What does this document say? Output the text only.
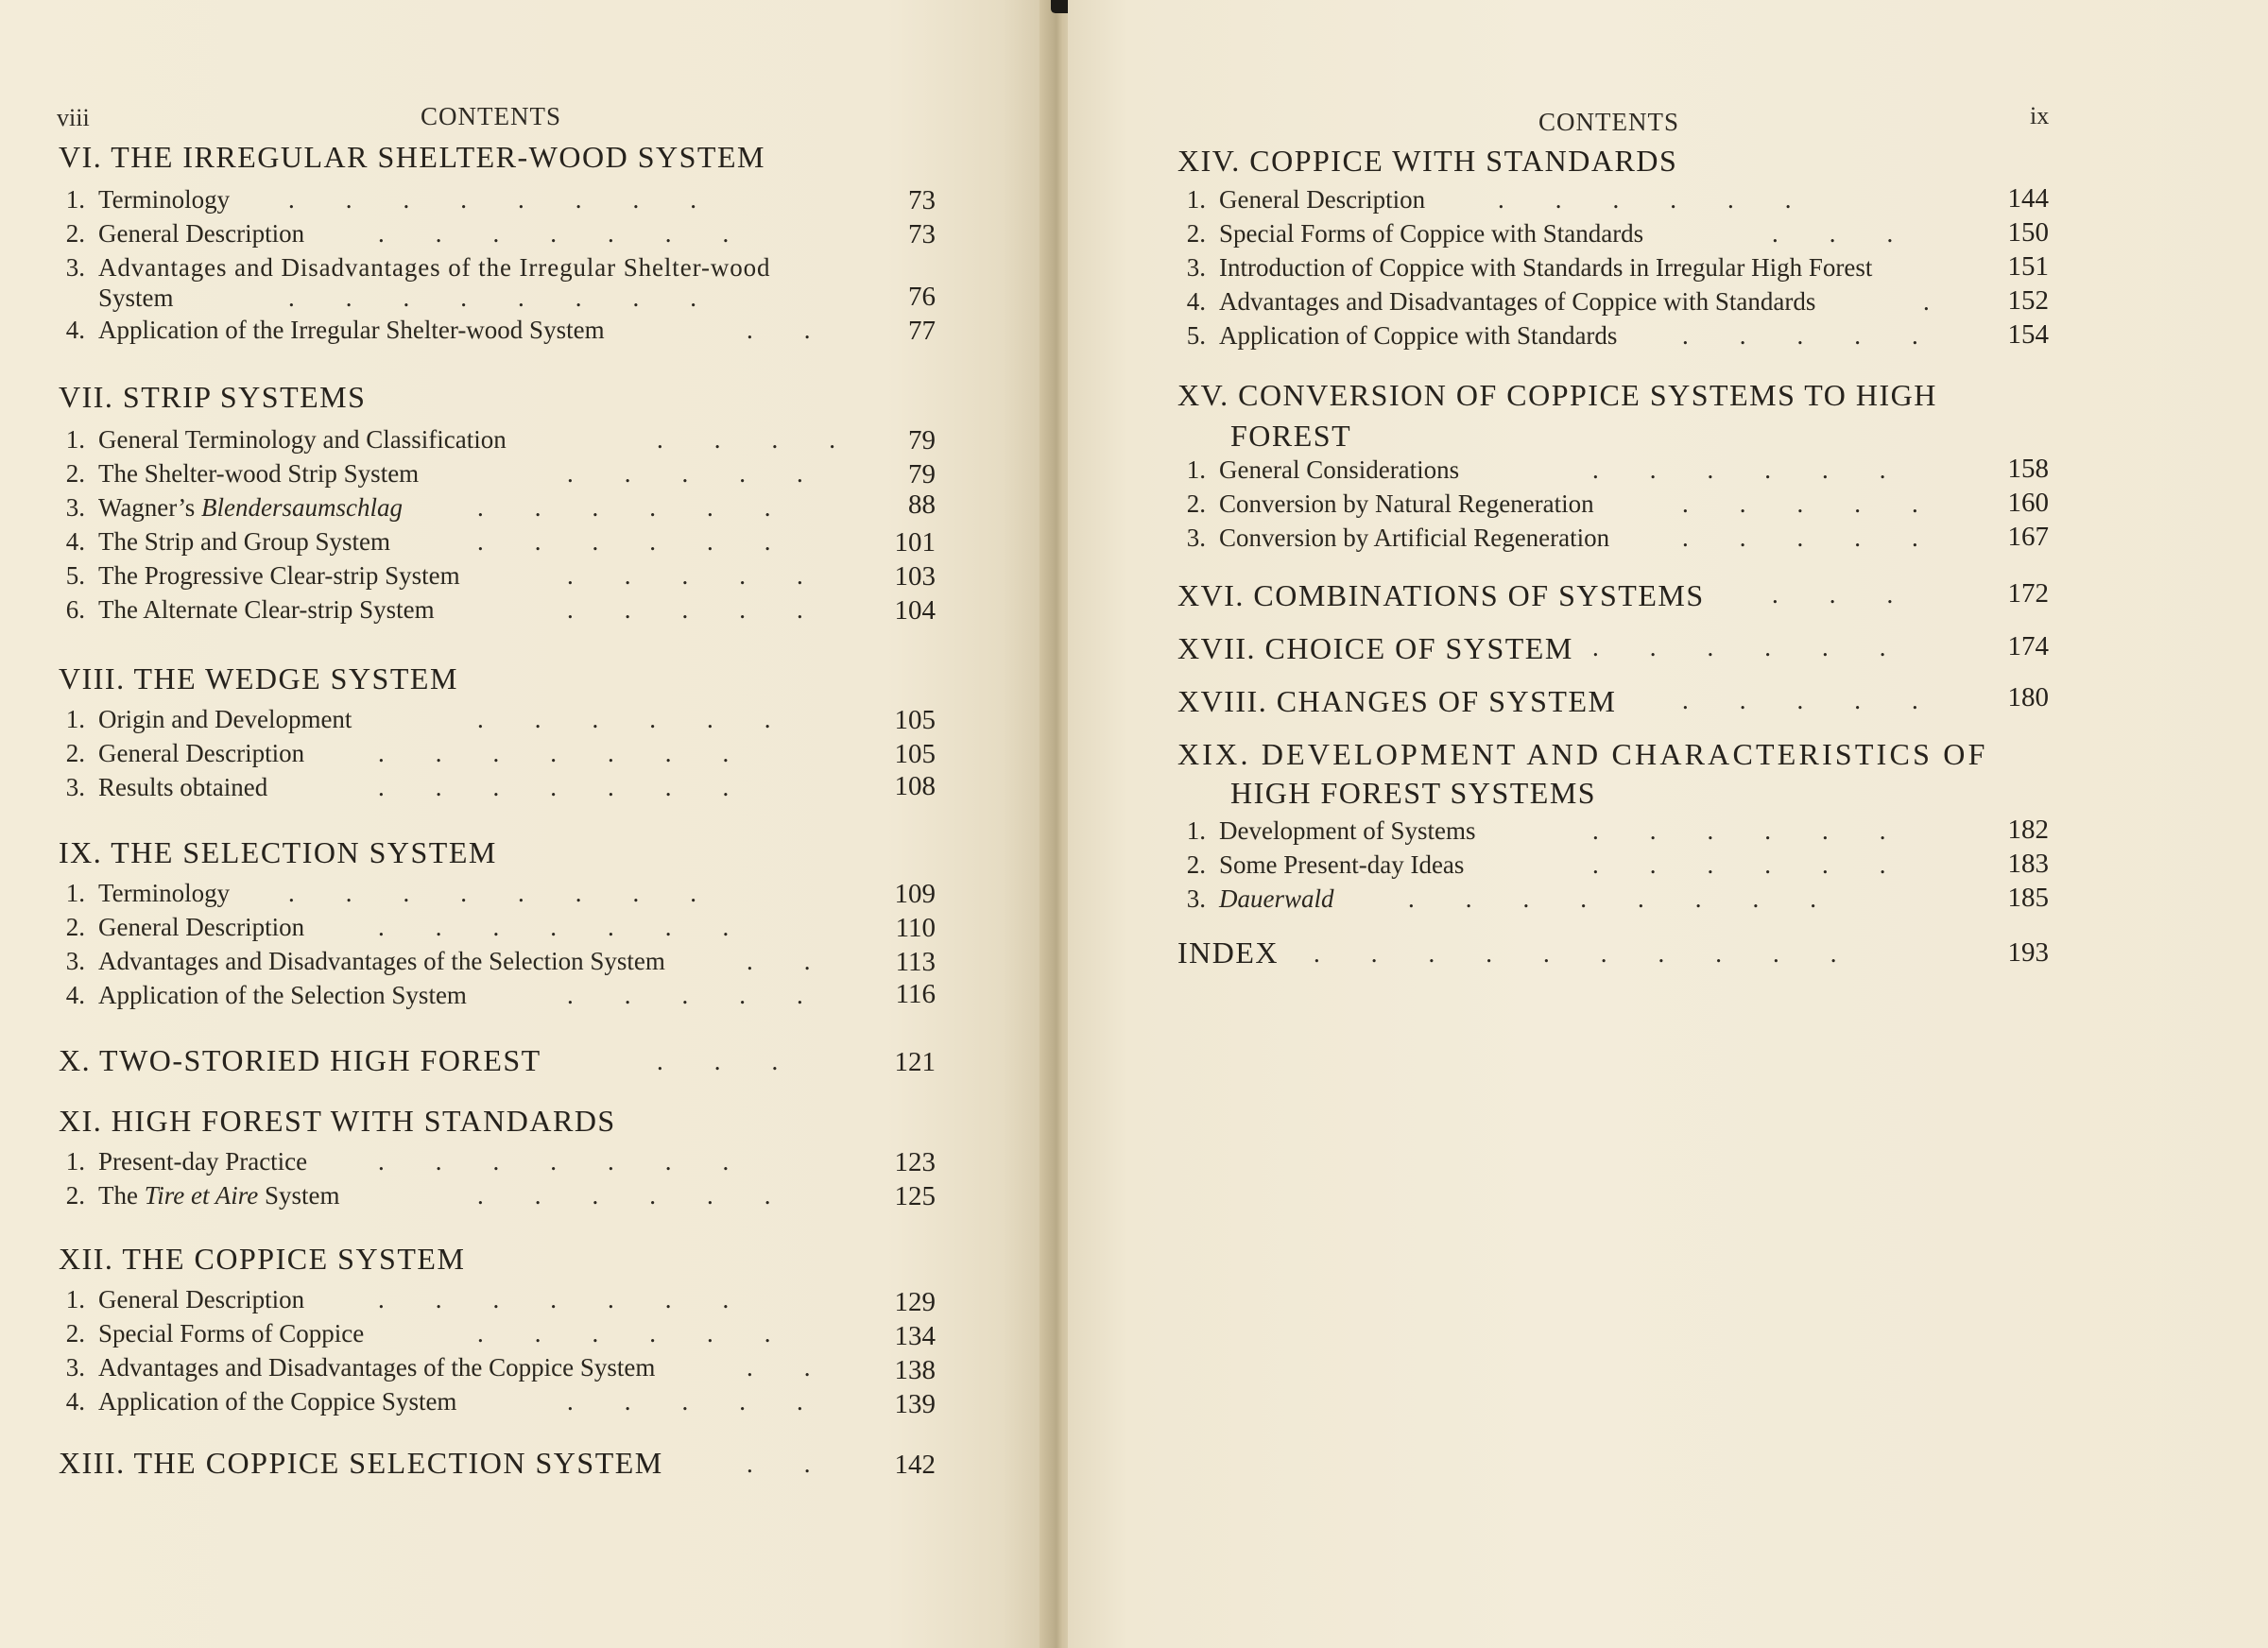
viii	CONTENTS
VI. THE IRREGULAR SHELTER-WOOD SYSTEM
1. Terminology .        .        .        .        .        .        .        .	73
2. General Description	.        .        .        .        .        .        .	73
3. Advantages and Disadvantages of the Irregular Shelter-wood
System	.        .        .        .        .        .        .        .	76
4. Application of the Irregular Shelter-wood System	.        .	77
VII. STRIP SYSTEMS
1. General Terminology and Classification	.        .        .        .	79
2. The Shelter-wood Strip System	.        .        .        .        .	79
3. Wagner’s Blendersaumschlag	.        .        .        .        .        .	88
4. The Strip and Group System	.        .        .        .        .        .	101
5. The Progressive Clear-strip System	.        .        .        .        .	103
6. The Alternate Clear-strip System	.        .        .        .        .	104
VIII. THE WEDGE SYSTEM
1. Origin and Development	.        .        .        .        .        .	105
2. General Description	.        .        .        .        .        .        .	105
3. Results obtained	.        .        .        .        .        .        .	108
IX. THE SELECTION SYSTEM
1. Terminology .        .        .        .        .        .        .        .	109
2. General Description	.        .        .        .        .        .        .	110
3. Advantages and Disadvantages of the Selection System	.        .	113
4. Application of the Selection System	.        .        .        .        .	116
X. TWO-STORIED HIGH FOREST	.        .        .	121
XI. HIGH FOREST WITH STANDARDS
1. Present-day Practice	.        .        .        .        .        .        .	123
2. The Tire et Aire System	.        .        .        .        .        .	125
XII. THE COPPICE SYSTEM
1. General Description	.        .        .        .        .        .        .	129
2. Special Forms of Coppice	.        .        .        .        .        .	134
3. Advantages and Disadvantages of the Coppice System	.        .	138
4. Application of the Coppice System	.        .        .        .        .	139
XIII. THE COPPICE SELECTION SYSTEM	.        .	142
CONTENTS	ix
XIV. COPPICE WITH STANDARDS
1. General Description	.        .        .        .        .        .	144
2. Special Forms of Coppice with Standards	.        .        .	150
3. Introduction of Coppice with Standards in Irregular High Forest	151
4. Advantages and Disadvantages of Coppice with Standards	.	152
5. Application of Coppice with Standards	.        .        .        .        .	154
XV. CONVERSION OF COPPICE SYSTEMS TO HIGH
FOREST
1. General Considerations	.        .        .        .        .        .	158
2. Conversion by Natural Regeneration	.        .        .        .        .	160
3. Conversion by Artificial Regeneration	.        .        .        .        .	167
XVI. COMBINATIONS OF SYSTEMS	.        .        .	172
XVII. CHOICE OF SYSTEM .        .        .        .        .        .	174
XVIII. CHANGES OF SYSTEM	.        .        .        .        .	180
XIX. DEVELOPMENT AND CHARACTERISTICS OF
HIGH FOREST SYSTEMS
1. Development of Systems	.        .        .        .        .        .	182
2. Some Present-day Ideas	.        .        .        .        .        .	183
3. Dauerwald	.        .        .        .        .        .        .        .	185
INDEX .        .        .        .        .        .        .        .        .        .	193
